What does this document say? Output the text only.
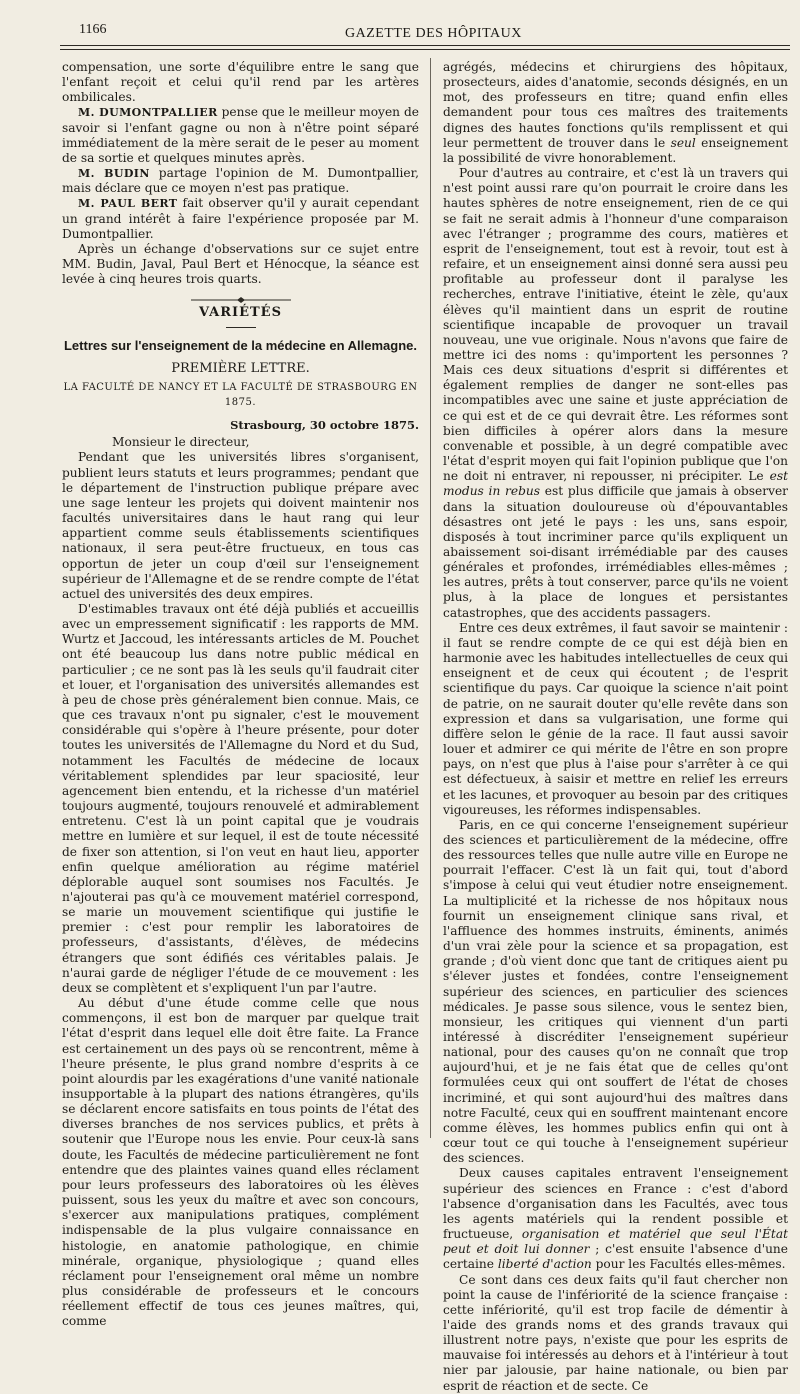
1166	GAZETTE DES HÔPITAUX

compensation, une sorte d'équilibre entre le sang que l'enfant reçoit et celui qu'il rend par les artères ombilicales.

M. DUMONTPALLIER pense que le meilleur moyen de savoir si l'enfant gagne ou non à n'être point séparé immédiatement de la mère serait de le peser au moment de sa sortie et quelques minutes après.

M. BUDIN partage l'opinion de M. Dumontpallier, mais déclare que ce moyen n'est pas pratique.

M. PAUL BERT fait observer qu'il y aurait cependant un grand intérêt à faire l'expérience proposée par M. Dumontpallier.

Après un échange d'observations sur ce sujet entre MM. Budin, Javal, Paul Bert et Hénocque, la séance est levée à cinq heures trois quarts.

VARIÉTÉS

Lettres sur l'enseignement de la médecine en Allemagne.

PREMIÈRE LETTRE.

LA FACULTÉ DE NANCY ET LA FACULTÉ DE STRASBOURG EN 1875.

Strasbourg, 30 octobre 1875.

Monsieur le directeur,

Pendant que les universités libres s'organisent, publient leurs statuts et leurs programmes; pendant que le département de l'instruction publique prépare avec une sage lenteur les projets qui doivent maintenir nos facultés universitaires dans le haut rang qui leur appartient comme seuls établissements scientifiques nationaux, il sera peut-être fructueux, en tous cas opportun de jeter un coup d'œil sur l'enseignement supérieur de l'Allemagne et de se rendre compte de l'état actuel des universités des deux empires.

D'estimables travaux ont été déjà publiés et accueillis avec un empressement significatif : les rapports de MM. Wurtz et Jaccoud, les intéressants articles de M. Pouchet ont été beaucoup lus dans notre public médical en particulier ; ce ne sont pas là les seuls qu'il faudrait citer et louer, et l'organisation des universités allemandes est à peu de chose près généralement bien connue. Mais, ce que ces travaux n'ont pu signaler, c'est le mouvement considérable qui s'opère à l'heure présente, pour doter toutes les universités de l'Allemagne du Nord et du Sud, notamment les Facultés de médecine de locaux véritablement splendides par leur spaciosité, leur agencement bien entendu, et la richesse d'un matériel toujours augmenté, toujours renouvelé et admirablement entretenu. C'est là un point capital que je voudrais mettre en lumière et sur lequel, il est de toute nécessité de fixer son attention, si l'on veut en haut lieu, apporter enfin quelque amélioration au régime matériel déplorable auquel sont soumises nos Facultés. Je n'ajouterai pas qu'à ce mouvement matériel correspond, se marie un mouvement scientifique qui justifie le premier : c'est pour remplir les laboratoires de professeurs, d'assistants, d'élèves, de médecins étrangers que sont édifiés ces véritables palais. Je n'aurai garde de négliger l'étude de ce mouvement : les deux se complètent et s'expliquent l'un par l'autre.

Au début d'une étude comme celle que nous commençons, il est bon de marquer par quelque trait l'état d'esprit dans lequel elle doit être faite. La France est certainement un des pays où se rencontrent, même à l'heure présente, le plus grand nombre d'esprits à ce point alourdis par les exagérations d'une vanité nationale insupportable à la plupart des nations étrangères, qu'ils se déclarent encore satisfaits en tous points de l'état des diverses branches de nos services publics, et prêts à soutenir que l'Europe nous les envie. Pour ceux-là sans doute, les Facultés de médecine particulièrement ne font entendre que des plaintes vaines quand elles réclament pour leurs professeurs des laboratoires où les élèves puissent, sous les yeux du maître et avec son concours, s'exercer aux manipulations pratiques, complément indispensable de la plus vulgaire connaissance en histologie, en anatomie pathologique, en chimie minérale, organique, physiologique ; quand elles réclament pour l'enseignement oral même un nombre plus considérable de professeurs et le concours réellement effectif de tous ces jeunes maîtres, qui, comme

agrégés, médecins et chirurgiens des hôpitaux, prosecteurs, aides d'anatomie, seconds désignés, en un mot, des professeurs en titre; quand enfin elles demandent pour tous ces maîtres des traitements dignes des hautes fonctions qu'ils remplissent et qui leur permettent de trouver dans le seul enseignement la possibilité de vivre honorablement.

Pour d'autres au contraire, et c'est là un travers qui n'est point aussi rare qu'on pourrait le croire dans les hautes sphères de notre enseignement, rien de ce qui se fait ne serait admis à l'honneur d'une comparaison avec l'étranger ; programme des cours, matières et esprit de l'enseignement, tout est à revoir, tout est à refaire, et un enseignement ainsi donné sera aussi peu profitable au professeur dont il paralyse les recherches, entrave l'initiative, éteint le zèle, qu'aux élèves qu'il maintient dans un esprit de routine scientifique incapable de provoquer un travail nouveau, une vue originale. Nous n'avons que faire de mettre ici des noms : qu'importent les personnes ? Mais ces deux situations d'esprit si différentes et également remplies de danger ne sont-elles pas incompatibles avec une saine et juste appréciation de ce qui est et de ce qui devrait être. Les réformes sont bien difficiles à opérer alors dans la mesure convenable et possible, à un degré compatible avec l'état d'esprit moyen qui fait l'opinion publique que l'on ne doit ni entraver, ni repousser, ni précipiter. Le est modus in rebus est plus difficile que jamais à observer dans la situation douloureuse où d'épouvantables désastres ont jeté le pays : les uns, sans espoir, disposés à tout incriminer parce qu'ils expliquent un abaissement soi-disant irrémédiable par des causes générales et profondes, irrémédiables elles-mêmes ; les autres, prêts à tout conserver, parce qu'ils ne voient plus, à la place de longues et persistantes catastrophes, que des accidents passagers.

Entre ces deux extrêmes, il faut savoir se maintenir : il faut se rendre compte de ce qui est déjà bien en harmonie avec les habitudes intellectuelles de ceux qui enseignent et de ceux qui écoutent ; de l'esprit scientifique du pays. Car quoique la science n'ait point de patrie, on ne saurait douter qu'elle revête dans son expression et dans sa vulgarisation, une forme qui diffère selon le génie de la race. Il faut aussi savoir louer et admirer ce qui mérite de l'être en son propre pays, on n'est que plus à l'aise pour s'arrêter à ce qui est défectueux, à saisir et mettre en relief les erreurs et les lacunes, et provoquer au besoin par des critiques vigoureuses, les réformes indispensables.

Paris, en ce qui concerne l'enseignement supérieur des sciences et particulièrement de la médecine, offre des ressources telles que nulle autre ville en Europe ne pourrait l'effacer. C'est là un fait qui, tout d'abord s'impose à celui qui veut étudier notre enseignement. La multiplicité et la richesse de nos hôpitaux nous fournit un enseignement clinique sans rival, et l'affluence des hommes instruits, éminents, animés d'un vrai zèle pour la science et sa propagation, est grande ; d'où vient donc que tant de critiques aient pu s'élever justes et fondées, contre l'enseignement supérieur des sciences, en particulier des sciences médicales. Je passe sous silence, vous le sentez bien, monsieur, les critiques qui viennent d'un parti intéressé à discréditer l'enseignement supérieur national, pour des causes qu'on ne connaît que trop aujourd'hui, et je ne fais état que de celles qu'ont formulées ceux qui ont souffert de l'état de choses incriminé, et qui sont aujourd'hui des maîtres dans notre Faculté, ceux qui en souffrent maintenant encore comme élèves, les hommes publics enfin qui ont à cœur tout ce qui touche à l'enseignement supérieur des sciences.

Deux causes capitales entravent l'enseignement supérieur des sciences en France : c'est d'abord l'absence d'organisation dans les Facultés, avec tous les agents matériels qui la rendent possible et fructueuse, organisation et matériel que seul l'État peut et doit lui donner ; c'est ensuite l'absence d'une certaine liberté d'action pour les Facultés elles-mêmes.

Ce sont dans ces deux faits qu'il faut chercher non point la cause de l'infériorité de la science française : cette infériorité, qu'il est trop facile de démentir à l'aide des grands noms et des grands travaux qui illustrent notre pays, n'existe que pour les esprits de mauvaise foi intéressés au dehors et à l'intérieur à tout nier par jalousie, par haine nationale, ou bien par esprit de réaction et de secte. Ce
